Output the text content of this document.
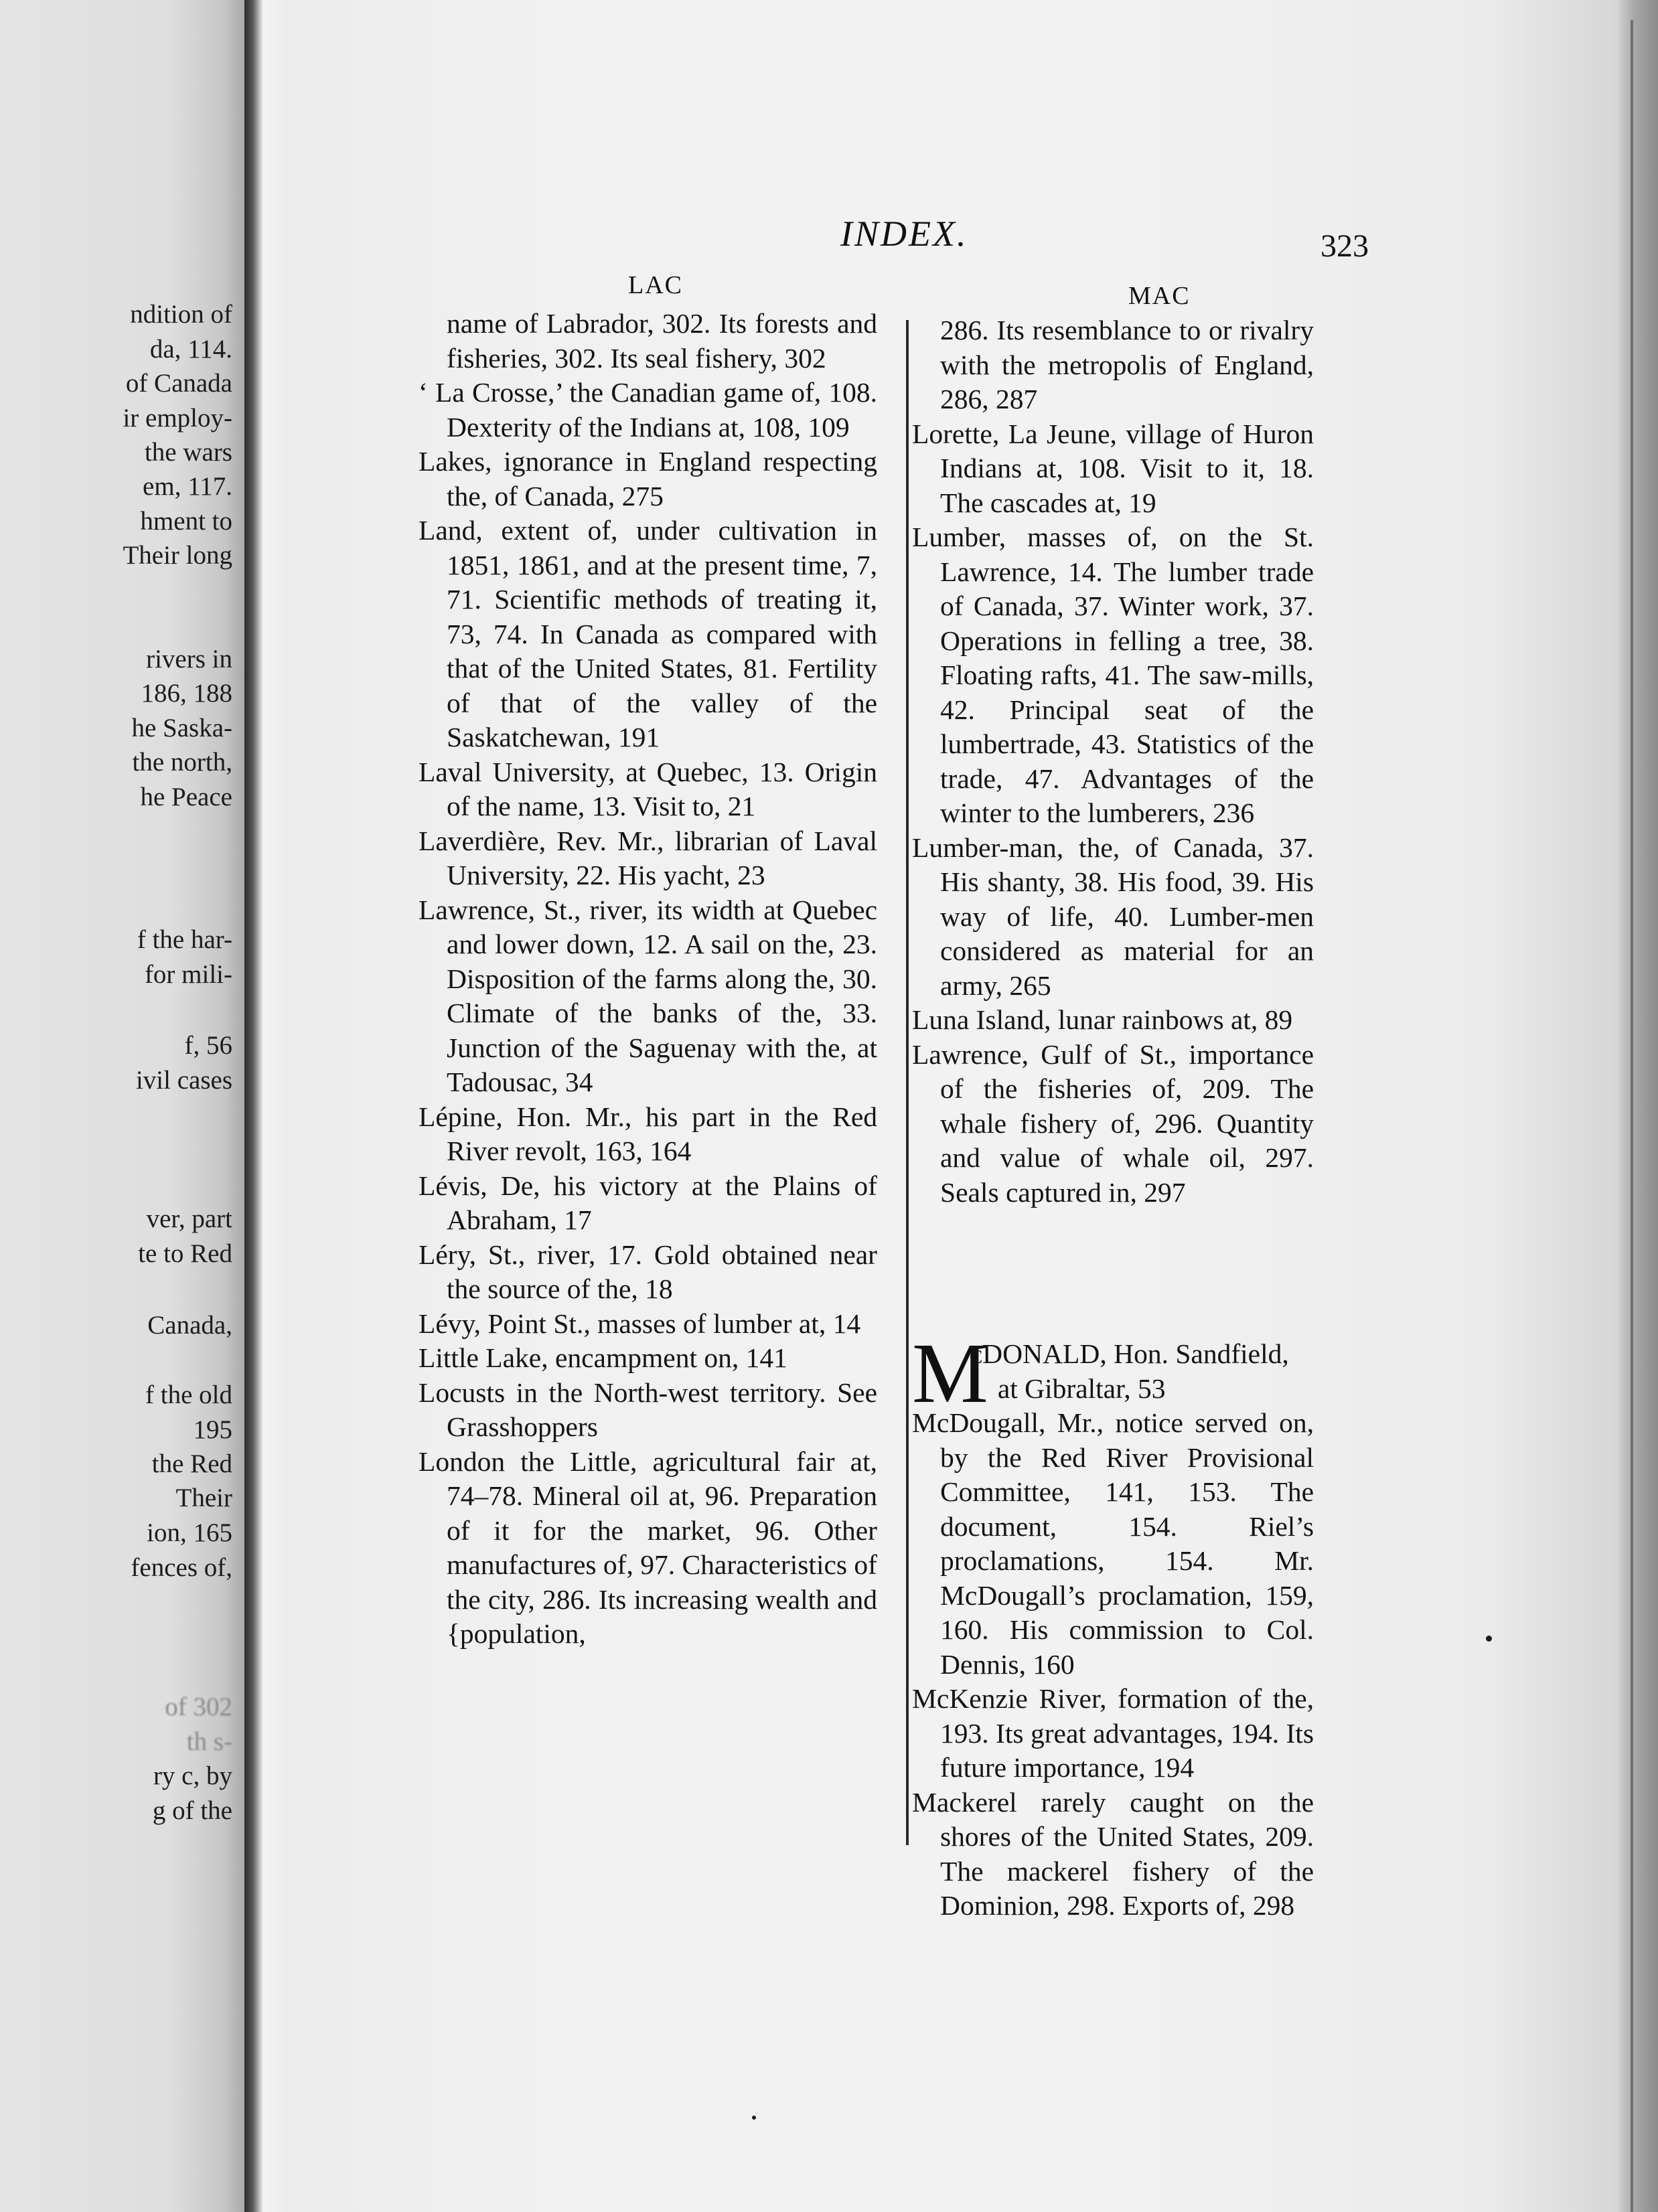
ndition of
da, 114.
of Canada
ir employ-
the wars
em, 117.
hment to
Their long
rivers in
186, 188
he Saska-
the north,
he Peace
f the har-
for mili-
f, 56
ivil cases
ver, part
te to Red
Canada,
f the old
195
the Red
Their
ion, 165
fences of,
of 302
th s-
ry c, by
g of the
INDEX.	323
LAC	MAC
name of Labrador, 302. Its forests and fisheries, 302. Its seal fishery, 302
‘ La Crosse,’ the Canadian game of, 108. Dexterity of the Indians at, 108, 109
Lakes, ignorance in England respecting the, of Canada, 275
Land, extent of, under cultivation in 1851, 1861, and at the present time, 7, 71. Scientific methods of treating it, 73, 74. In Canada as compared with that of the United States, 81. Fertility of that of the valley of the Saskatchewan, 191
Laval University, at Quebec, 13. Origin of the name, 13. Visit to, 21
Laverdière, Rev. Mr., librarian of Laval University, 22. His yacht, 23
Lawrence, St., river, its width at Quebec and lower down, 12. A sail on the, 23. Disposition of the farms along the, 30. Climate of the banks of the, 33. Junction of the Saguenay with the, at Tadousac, 34
Lépine, Hon. Mr., his part in the Red River revolt, 163, 164
Lévis, De, his victory at the Plains of Abraham, 17
Léry, St., river, 17. Gold obtained near the source of the, 18
Lévy, Point St., masses of lumber at, 14
Little Lake, encampment on, 141
Locusts in the North-west territory. See Grasshoppers
London the Little, agricultural fair at, 74–78. Mineral oil at, 96. Preparation of it for the market, 96. Other manufactures of, 97. Characteristics of the city, 286. Its increasing wealth and {population,
286. Its resemblance to or rivalry with the metropolis of England, 286, 287
Lorette, La Jeune, village of Huron Indians at, 108. Visit to it, 18. The cascades at, 19
Lumber, masses of, on the St. Lawrence, 14. The lumber trade of Canada, 37. Winter work, 37. Operations in felling a tree, 38. Floating rafts, 41. The saw-mills, 42. Principal seat of the lumbertrade, 43. Statistics of the trade, 47. Advantages of the winter to the lumberers, 236
Lumber-man, the, of Canada, 37. His shanty, 38. His food, 39. His way of life, 40. Lumber-men considered as material for an army, 265
Luna Island, lunar rainbows at, 89
Lawrence, Gulf of St., importance of the fisheries of, 209. The whale fishery of, 296. Quantity and value of whale oil, 297. Seals captured in, 297
M
cDONALD, Hon. Sandfield, at Gibraltar, 53
McDougall, Mr., notice served on, by the Red River Provisional Committee, 141, 153. The document, 154. Riel’s proclamations, 154. Mr. McDougall’s proclamation, 159, 160. His commission to Col. Dennis, 160
McKenzie River, formation of the, 193. Its great advantages, 194. Its future importance, 194
Mackerel rarely caught on the shores of the United States, 209. The mackerel fishery of the Dominion, 298. Exports of, 298
